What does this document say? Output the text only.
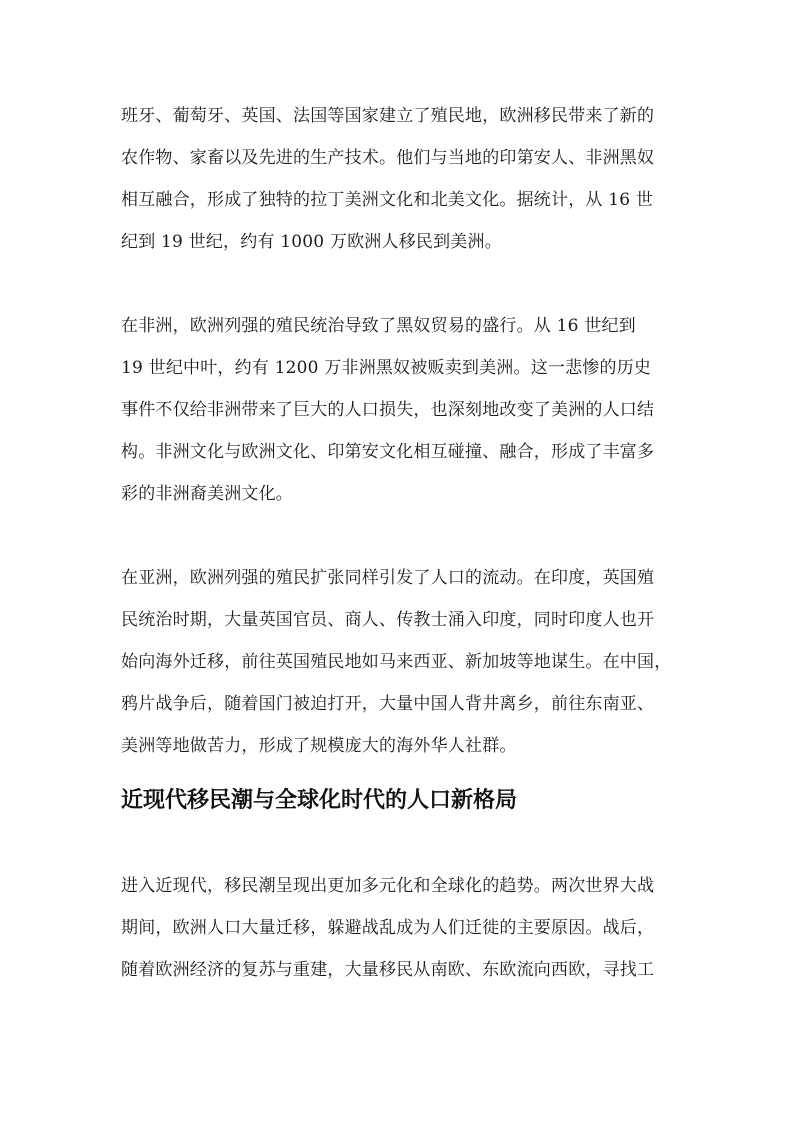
班牙、葡萄牙、英国、法国等国家建立了殖民地，欧洲移民带来了新的
农作物、家畜以及先进的生产技术。他们与当地的印第安人、非洲黑奴
相互融合，形成了独特的拉丁美洲文化和北美文化。据统计，从 16 世
纪到 19 世纪，约有 1000 万欧洲人移民到美洲。
在非洲，欧洲列强的殖民统治导致了黑奴贸易的盛行。从 16 世纪到
19 世纪中叶，约有 1200 万非洲黑奴被贩卖到美洲。这一悲惨的历史
事件不仅给非洲带来了巨大的人口损失，也深刻地改变了美洲的人口结
构。非洲文化与欧洲文化、印第安文化相互碰撞、融合，形成了丰富多
彩的非洲裔美洲文化。
在亚洲，欧洲列强的殖民扩张同样引发了人口的流动。在印度，英国殖
民统治时期，大量英国官员、商人、传教士涌入印度，同时印度人也开
始向海外迁移，前往英国殖民地如马来西亚、新加坡等地谋生。在中国，
鸦片战争后，随着国门被迫打开，大量中国人背井离乡，前往东南亚、
美洲等地做苦力，形成了规模庞大的海外华人社群。
近现代移民潮与全球化时代的人口新格局
进入近现代，移民潮呈现出更加多元化和全球化的趋势。两次世界大战
期间，欧洲人口大量迁移，躲避战乱成为人们迁徙的主要原因。战后，
随着欧洲经济的复苏与重建，大量移民从南欧、东欧流向西欧，寻找工
